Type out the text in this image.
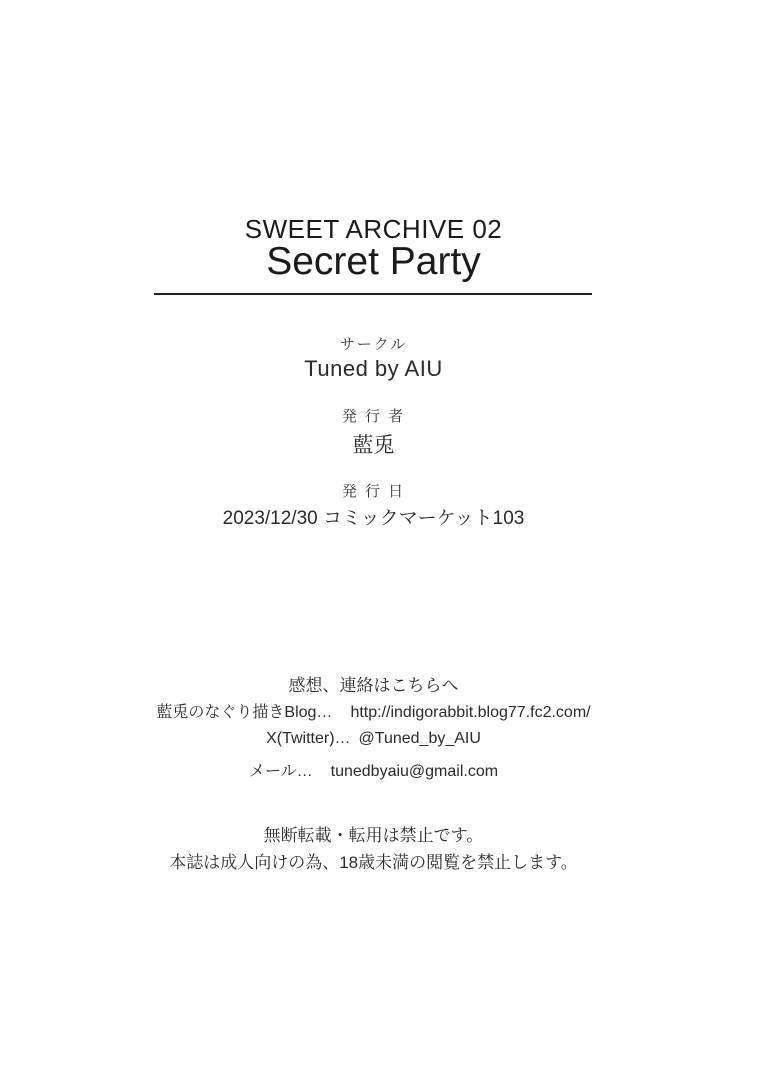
SWEET ARCHIVE 02
Secret Party
サークル
Tuned by AIU
発 行 者
藍兎
発 行 日
2023/12/30 コミックマーケット103
感想、連絡はこちらへ
藍兎のなぐり描きBlog… http://indigorabbit.blog77.fc2.com/
X(Twitter)… @Tuned_by_AIU
メール… tunedbyaiu@gmail.com
無断転載・転用は禁止です。
本誌は成人向けの為、18歳未満の閲覧を禁止します。
